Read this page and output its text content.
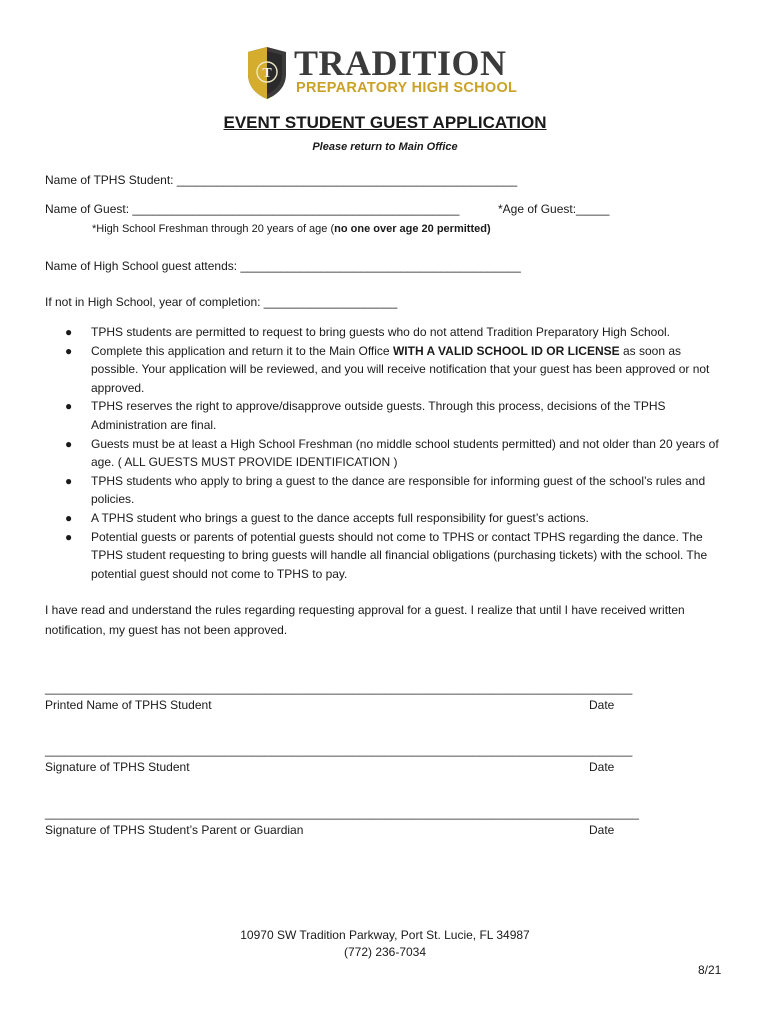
T TRADITION
PREPARATORY HIGH SCHOOL
EVENT STUDENT GUEST APPLICATION
Please return to Main Office
Name of TPHS Student: ___________________________________________________
Name of Guest: _________________________________________________	*Age of Guest:_____
*High School Freshman through 20 years of age (no one over age 20 permitted)
Name of High School guest attends: __________________________________________
If not in High School, year of completion: ____________________
● TPHS students are permitted to request to bring guests who do not attend Tradition Preparatory High School.
● Complete this application and return it to the Main Office WITH A VALID SCHOOL ID OR LICENSE as soon as possible. Your application will be reviewed, and you will receive notification that your guest has been approved or not approved.
● TPHS reserves the right to approve/disapprove outside guests. Through this process, decisions of the TPHS Administration are final.
● Guests must be at least a High School Freshman (no middle school students permitted) and not older than 20 years of age. ( ALL GUESTS MUST PROVIDE IDENTIFICATION )
● TPHS students who apply to bring a guest to the dance are responsible for informing guest of the school’s rules and policies.
● A TPHS student who brings a guest to the dance accepts full responsibility for guest’s actions.
● Potential guests or parents of potential guests should not come to TPHS or contact TPHS regarding the dance. The TPHS student requesting to bring guests will handle all financial obligations (purchasing tickets) with the school. The potential guest should not come to TPHS to pay.
I have read and understand the rules regarding requesting approval for a guest. I realize that until I have received written notification, my guest has not been approved.
________________________________________________________________________________________
Printed Name of TPHS Student	Date
________________________________________________________________________________________
Signature of TPHS Student	Date
_________________________________________________________________________________________
Signature of TPHS Student’s Parent or Guardian	Date
10970 SW Tradition Parkway, Port St. Lucie, FL 34987
(772) 236-7034
8/21
